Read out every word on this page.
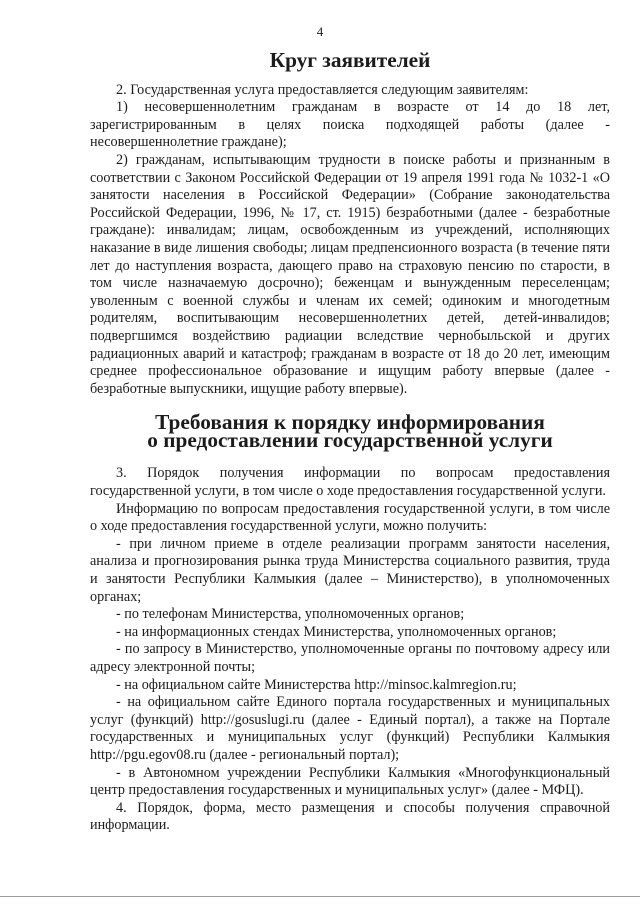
4
Круг заявителей

2. Государственная услуга предоставляется следующим заявителям:

1) несовершеннолетним гражданам в возрасте от 14 до 18 лет, зарегистрированным в целях поиска подходящей работы (далее - несовершеннолетние граждане);

2) гражданам, испытывающим трудности в поиске работы и признанным в соответствии с Законом Российской Федерации от 19 апреля 1991 года № 1032-1 «О занятости населения в Российской Федерации» (Собрание законодательства Российской Федерации, 1996, № 17, ст. 1915) безработными (далее - безработные граждане): инвалидам; лицам, освобожденным из учреждений, исполняющих наказание в виде лишения свободы; лицам предпенсионного возраста (в течение пяти лет до наступления возраста, дающего право на страховую пенсию по старости, в том числе назначаемую досрочно); беженцам и вынужденным переселенцам; уволенным с военной службы и членам их семей; одиноким и многодетным родителям, воспитывающим несовершеннолетних детей, детей-инвалидов; подвергшимся воздействию радиации вследствие чернобыльской и других радиационных аварий и катастроф; гражданам в возрасте от 18 до 20 лет, имеющим среднее профессиональное образование и ищущим работу впервые (далее - безработные выпускники, ищущие работу впервые).

Требования к порядку информирования
о предоставлении государственной услуги

3. Порядок получения информации по вопросам предоставления государственной услуги, в том числе о ходе предоставления государственной услуги.

Информацию по вопросам предоставления государственной услуги, в том числе о ходе предоставления государственной услуги, можно получить:

- при личном приеме в отделе реализации программ занятости населения, анализа и прогнозирования рынка труда Министерства социального развития, труда и занятости Республики Калмыкия (далее – Министерство), в уполномоченных органах;

- по телефонам Министерства, уполномоченных органов;

- на информационных стендах Министерства, уполномоченных органов;

- по запросу в Министерство, уполномоченные органы по почтовому адресу или адресу электронной почты;

- на официальном сайте Министерства http://minsoc.kalmregion.ru;

- на официальном сайте Единого портала государственных и муниципальных услуг (функций) http://gosuslugi.ru (далее - Единый портал), а также на Портале государственных и муниципальных услуг (функций) Республики Калмыкия http://pgu.egov08.ru (далее - региональный портал);

- в Автономном учреждении Республики Калмыкия «Многофункциональный центр предоставления государственных и муниципальных услуг» (далее - МФЦ).

4. Порядок, форма, место размещения и способы получения справочной информации.
